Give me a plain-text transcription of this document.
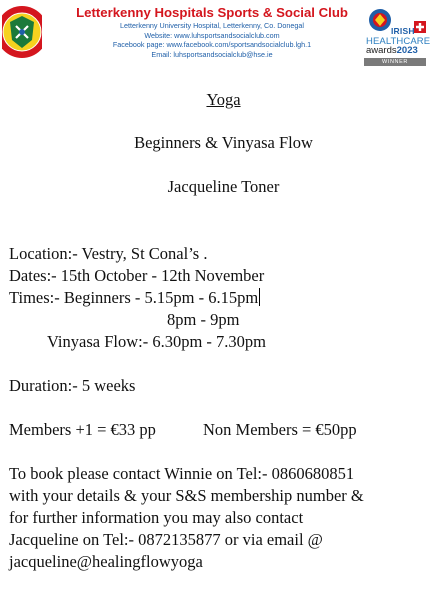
Letterkenny Hospitals Sports & Social Club
Letterkenny University Hospital, Letterkenny, Co. Donegal
Website: www.luhsportsandsocialclub.com
Facebook page: www.facebook.com/sportsandsocialclub.lgh.1
Email: luhsportsandsocialclub@hse.ie
IRISH
HEALTHCARE
awards2023
WINNER
Yoga
Beginners & Vinyasa Flow
Jacqueline Toner
Location:- Vestry, St Conal’s .
Dates:- 15th October - 12th November
Times:- Beginners - 5.15pm - 6.15pm
8pm - 9pm
Vinyasa Flow:- 6.30pm - 7.30pm
Duration:- 5 weeks
Members +1 = €33 pp	Non Members = €50pp
To book please contact Winnie on Tel:- 0860680851
with your details & your S&S membership number &
for further information you may also contact
Jacqueline on Tel:- 0872135877 or via email @
jacqueline@healingflowyoga
